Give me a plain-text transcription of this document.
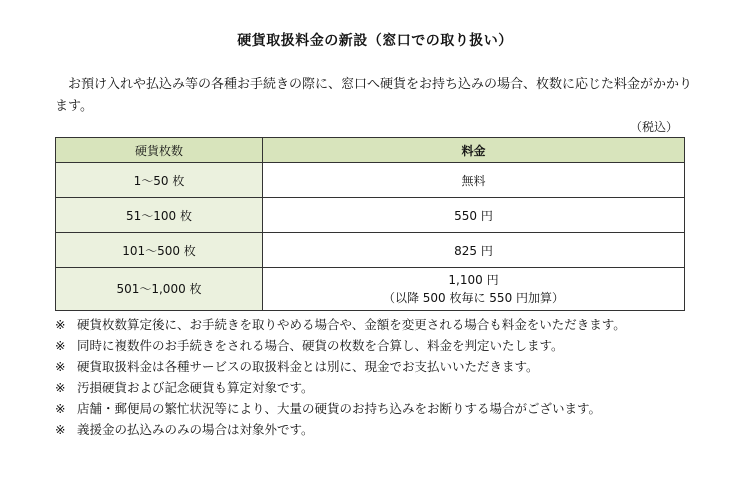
硬貨取扱料金の新設（窓口での取り扱い）
お預け入れや払込み等の各種お手続きの際に、窓口へ硬貨をお持ち込みの場合、枚数に応じた料金がかかります。
（税込）
硬貨枚数	料金
1～50 枚	無料
51～100 枚	550 円
101～500 枚	825 円
501～1,000 枚	1,100 円
（以降 500 枚毎に 550 円加算）
※ 硬貨枚数算定後に、お手続きを取りやめる場合や、金額を変更される場合も料金をいただきます。
※ 同時に複数件のお手続きをされる場合、硬貨の枚数を合算し、料金を判定いたします。
※ 硬貨取扱料金は各種サービスの取扱料金とは別に、現金でお支払いいただきます。
※ 汚損硬貨および記念硬貨も算定対象です。
※ 店舗・郵便局の繁忙状況等により、大量の硬貨のお持ち込みをお断りする場合がございます。
※ 義援金の払込みのみの場合は対象外です。
